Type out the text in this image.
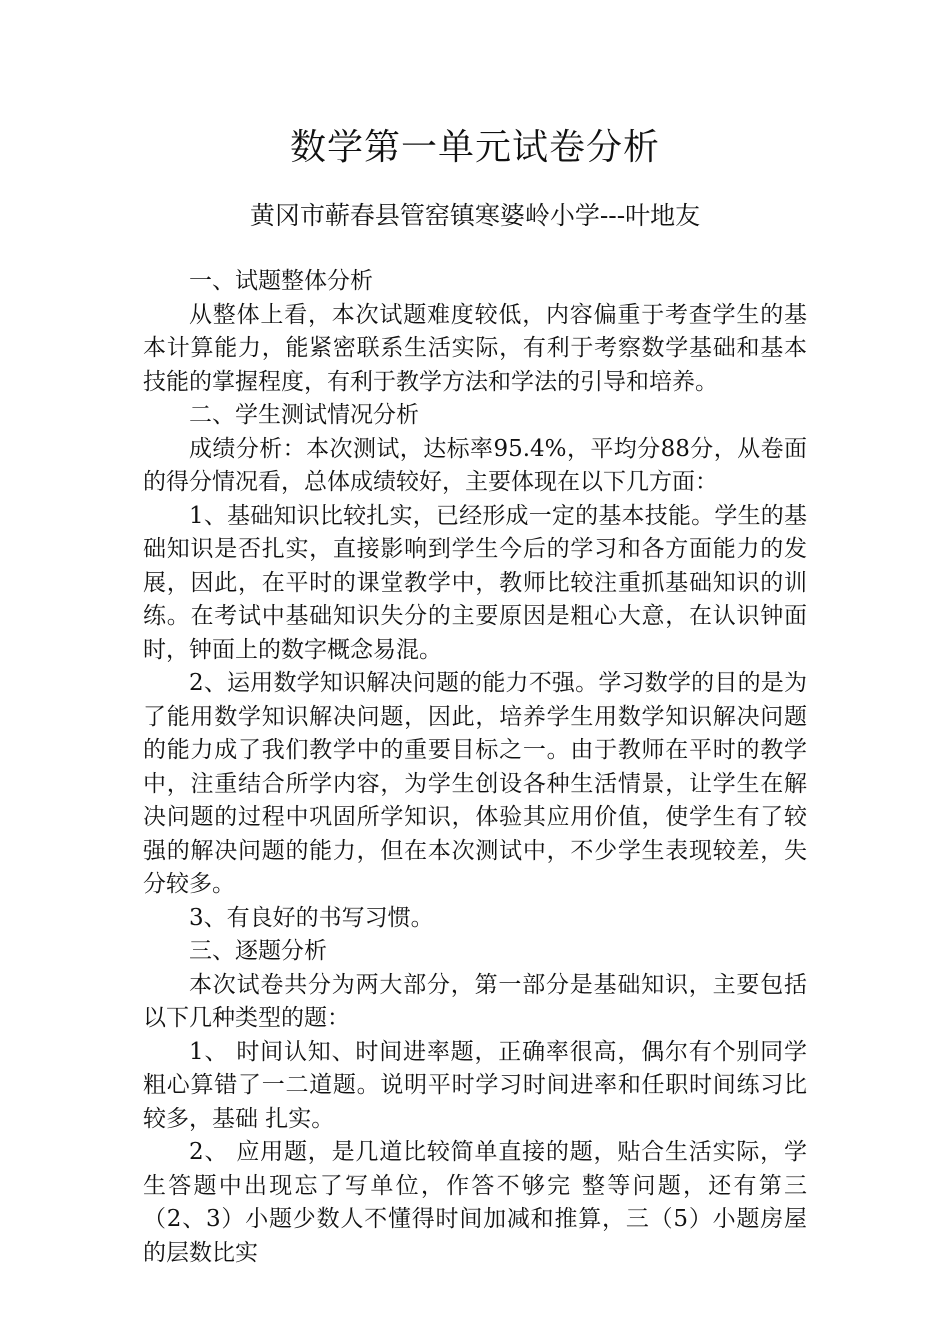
数学第一单元试卷分析
黄冈市蕲春县管窑镇寒婆岭小学---叶地友

一、试题整体分析

从整体上看，本次试题难度较低，内容偏重于考查学生的基本计算能力，能紧密联系生活实际，有利于考察数学基础和基本技能的掌握程度，有利于教学方法和学法的引导和培养。

二、学生测试情况分析

成绩分析：本次测试，达标率95.4%，平均分88分，从卷面的得分情况看，总体成绩较好，主要体现在以下几方面：

1、基础知识比较扎实，已经形成一定的基本技能。学生的基础知识是否扎实，直接影响到学生今后的学习和各方面能力的发展，因此，在平时的课堂教学中，教师比较注重抓基础知识的训练。在考试中基础知识失分的主要原因是粗心大意，在认识钟面时，钟面上的数字概念易混。

2、运用数学知识解决问题的能力不强。学习数学的目的是为了能用数学知识解决问题，因此，培养学生用数学知识解决问题的能力成了我们教学中的重要目标之一。由于教师在平时的教学中，注重结合所学内容，为学生创设各种生活情景，让学生在解决问题的过程中巩固所学知识，体验其应用价值，使学生有了较强的解决问题的能力，但在本次测试中，不少学生表现较差，失分较多。

3、有良好的书写习惯。

三、逐题分析

本次试卷共分为两大部分，第一部分是基础知识，主要包括以下几种类型的题：

1、 时间认知、时间进率题，正确率很高，偶尔有个别同学粗心算错了一二道题。说明平时学习时间进率和任职时间练习比较多，基础 扎实。

2、 应用题，是几道比较简单直接的题，贴合生活实际，学生答题中出现忘了写单位，作答不够完 整等问题，还有第三（2、3）小题少数人不懂得时间加减和推算，三（5）小题房屋的层数比实
